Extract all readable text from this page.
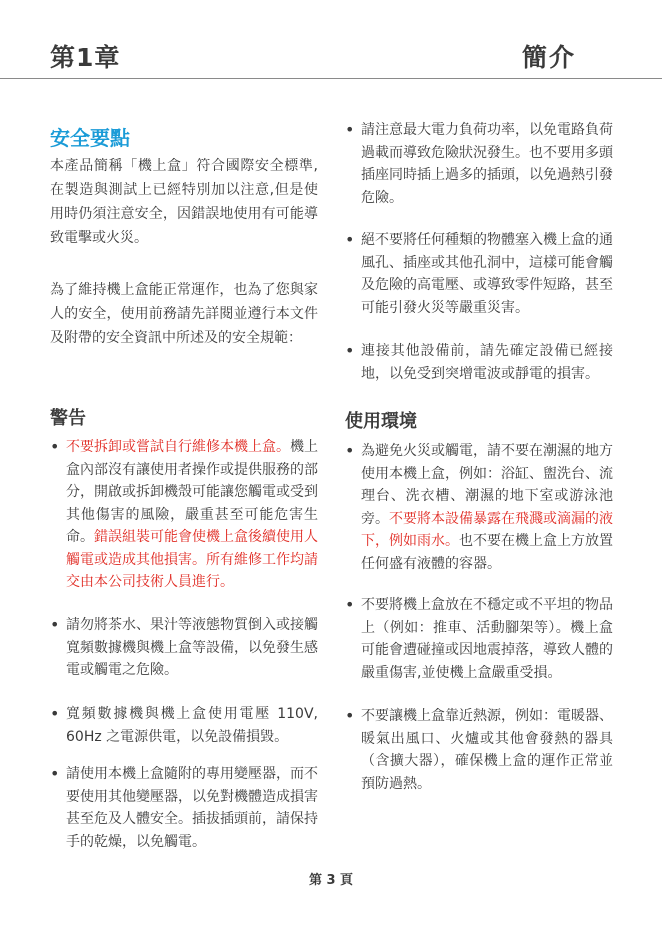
第1章	簡介
安全要點

本產品簡稱「機上盒」符合國際安全標準,在製造與測試上已經特別加以注意,但是使用時仍須注意安全，因錯誤地使用有可能導致電擊或火災。

為了維持機上盒能正常運作，也為了您與家人的安全，使用前務請先詳閱並遵行本文件及附帶的安全資訊中所述及的安全規範：

警告
• 不要拆卸或嘗試自行維修本機上盒。機上盒內部沒有讓使用者操作或提供服務的部分，開啟或拆卸機殼可能讓您觸電或受到其他傷害的風險，嚴重甚至可能危害生命。錯誤組裝可能會使機上盒後續使用人觸電或造成其他損害。所有維修工作均請交由本公司技術人員進行。
• 請勿將茶水、果汁等液態物質倒入或接觸寬頻數據機與機上盒等設備，以免發生感電或觸電之危險。
• 寬頻數據機與機上盒使用電壓 110V, 60Hz 之電源供電，以免設備損毀。
• 請使用本機上盒隨附的專用變壓器，而不要使用其他變壓器，以免對機體造成損害甚至危及人體安全。插拔插頭前，請保持手的乾燥，以免觸電。
• 請注意最大電力負荷功率，以免電路負荷過載而導致危險狀況發生。也不要用多頭插座同時插上過多的插頭，以免過熱引發危險。
• 絕不要將任何種類的物體塞入機上盒的通風孔、插座或其他孔洞中，這樣可能會觸及危險的高電壓、或導致零件短路，甚至可能引發火災等嚴重災害。
• 連接其他設備前，請先確定設備已經接地，以免受到突增電波或靜電的損害。
使用環境
• 為避免火災或觸電，請不要在潮濕的地方使用本機上盒，例如：浴缸、盥洗台、流理台、洗衣槽、潮濕的地下室或游泳池旁。不要將本設備暴露在飛濺或滴漏的液下，例如雨水。也不要在機上盒上方放置任何盛有液體的容器。
• 不要將機上盒放在不穩定或不平坦的物品上（例如：推車、活動腳架等）。機上盒可能會遭碰撞或因地震掉落，導致人體的嚴重傷害,並使機上盒嚴重受損。
• 不要讓機上盒靠近熱源，例如：電暖器、暖氣出風口、火爐或其他會發熱的器具（含擴大器），確保機上盒的運作正常並預防過熱。
第 3 頁
